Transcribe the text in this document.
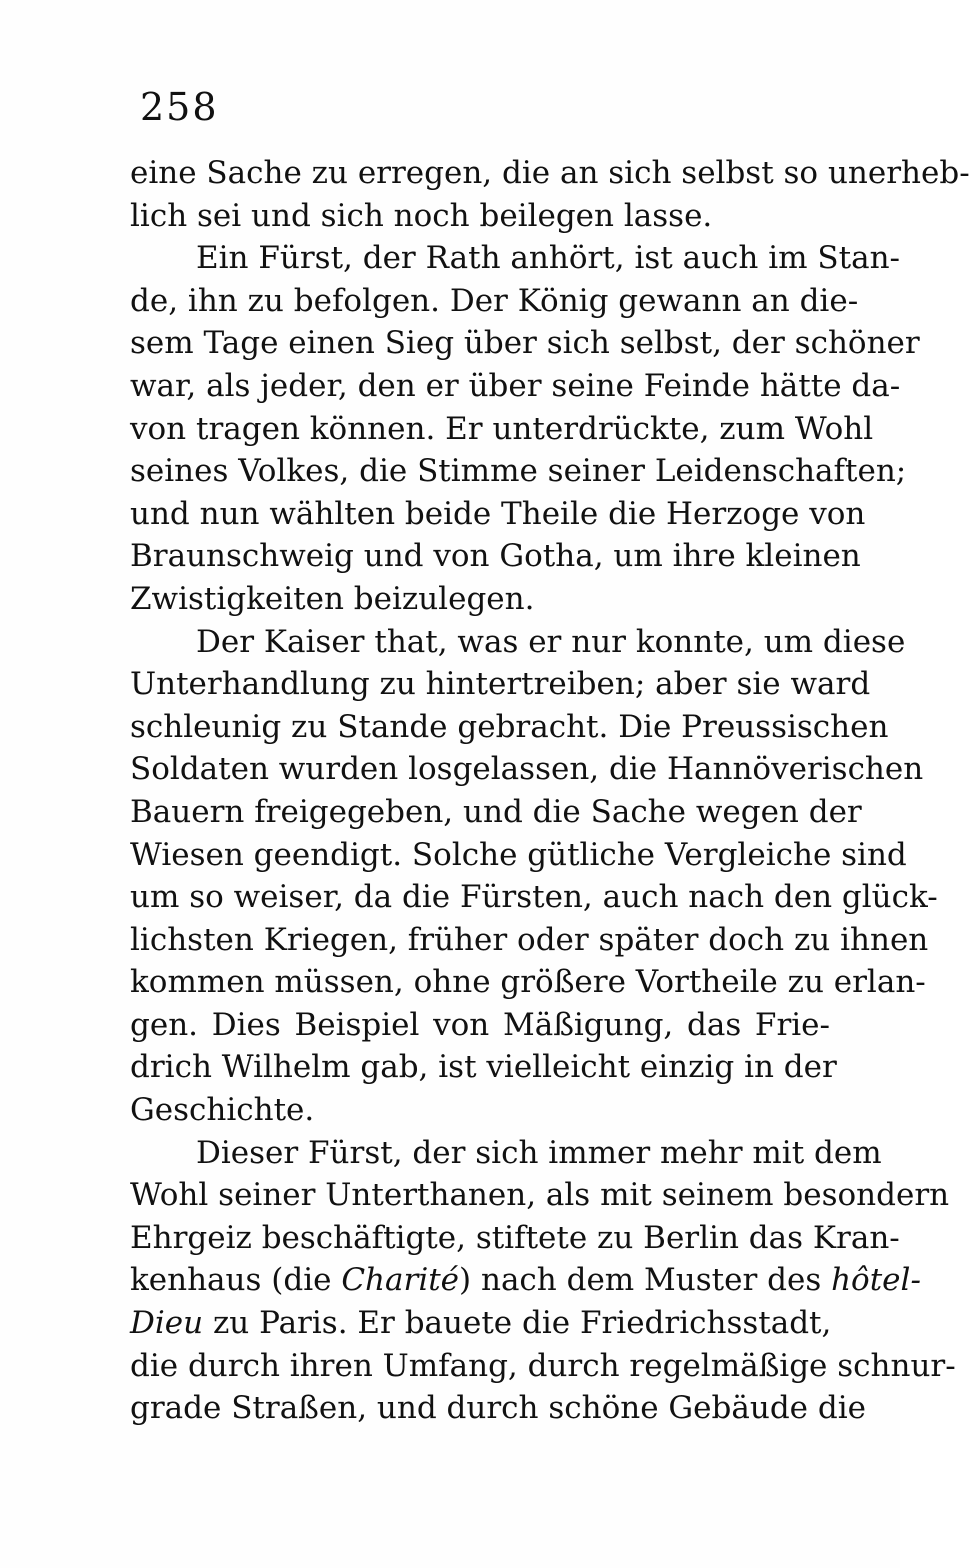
258
eine Sache zu erregen, die an sich selbst so unerheb-
lich sei und sich noch beilegen lasse.
Ein Fürst, der Rath anhört, ist auch im Stan-
de, ihn zu befolgen. Der König gewann an die-
sem Tage einen Sieg über sich selbst, der schöner
war, als jeder, den er über seine Feinde hätte da-
von tragen können. Er unterdrückte, zum Wohl
seines Volkes, die Stimme seiner Leidenschaften;
und nun wählten beide Theile die Herzoge von
Braunschweig und von Gotha, um ihre kleinen
Zwistigkeiten beizulegen.
Der Kaiser that, was er nur konnte, um diese
Unterhandlung zu hintertreiben; aber sie ward
schleunig zu Stande gebracht. Die Preussischen
Soldaten wurden losgelassen, die Hannöverischen
Bauern freigegeben, und die Sache wegen der
Wiesen geendigt. Solche gütliche Vergleiche sind
um so weiser, da die Fürsten, auch nach den glück-
lichsten Kriegen, früher oder später doch zu ihnen
kommen müssen, ohne größere Vortheile zu erlan-
gen. Dies Beispiel von Mäßigung, das Frie-
drich Wilhelm gab, ist vielleicht einzig in der
Geschichte.
Dieser Fürst, der sich immer mehr mit dem
Wohl seiner Unterthanen, als mit seinem besondern
Ehrgeiz beschäftigte, stiftete zu Berlin das Kran-
kenhaus (die Charité) nach dem Muster des hôtel-
Dieu zu Paris. Er bauete die Friedrichsstadt,
die durch ihren Umfang, durch regelmäßige schnur-
grade Straßen, und durch schöne Gebäude die
